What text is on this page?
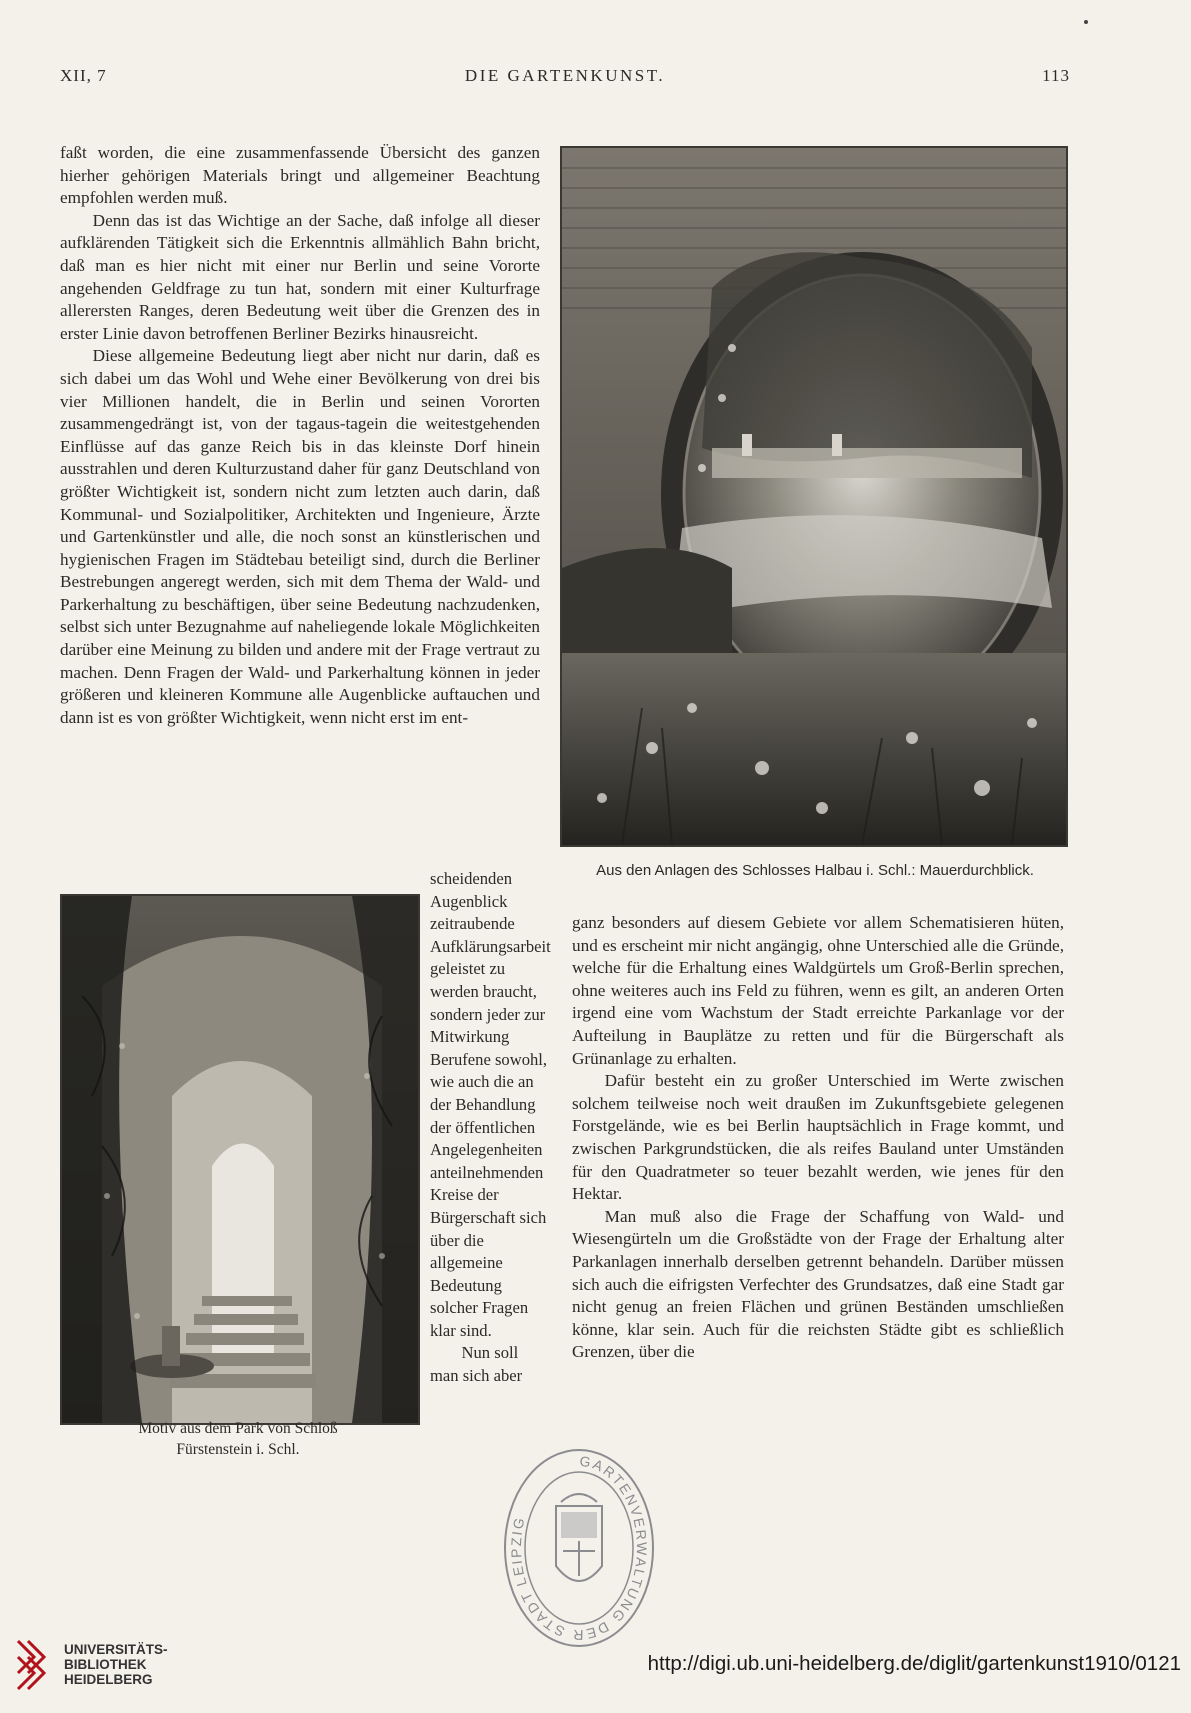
XII, 7	DIE GARTENKUNST.	113

faßt worden, die eine zusammenfassende Übersicht des ganzen hierher gehörigen Materials bringt und allgemeiner Beachtung empfohlen werden muß.

Denn das ist das Wichtige an der Sache, daß infolge all dieser aufklärenden Tätigkeit sich die Erkenntnis allmählich Bahn bricht, daß man es hier nicht mit einer nur Berlin und seine Vororte angehenden Geldfrage zu tun hat, sondern mit einer Kulturfrage allerersten Ranges, deren Bedeutung weit über die Grenzen des in erster Linie davon betroffenen Berliner Bezirks hinausreicht.

Diese allgemeine Bedeutung liegt aber nicht nur darin, daß es sich dabei um das Wohl und Wehe einer Bevölkerung von drei bis vier Millionen handelt, die in Berlin und seinen Vororten zusammengedrängt ist, von der tagaus-tagein die weitestgehenden Einflüsse auf das ganze Reich bis in das kleinste Dorf hinein ausstrahlen und deren Kulturzustand daher für ganz Deutschland von größter Wichtigkeit ist, sondern nicht zum letzten auch darin, daß Kommunal- und Sozialpolitiker, Architekten und Ingenieure, Ärzte und Gartenkünstler und alle, die noch sonst an künstlerischen und hygienischen Fragen im Städtebau beteiligt sind, durch die Berliner Bestrebungen angeregt werden, sich mit dem Thema der Wald- und Parkerhaltung zu beschäftigen, über seine Bedeutung nachzudenken, selbst sich unter Bezugnahme auf naheliegende lokale Möglichkeiten darüber eine Meinung zu bilden und andere mit der Frage vertraut zu machen. Denn Fragen der Wald- und Parkerhaltung können in jeder größeren und kleineren Kommune alle Augenblicke auftauchen und dann ist es von größter Wichtigkeit, wenn nicht erst im ent-

Aus den Anlagen des Schlosses Halbau i. Schl.: Mauerdurchblick.
Motiv aus dem Park von Schloß
Fürstenstein i. Schl.

scheidenden Augenblick zeitraubende Aufklärungsarbeit geleistet zu werden braucht, sondern jeder zur Mitwirkung Berufene sowohl, wie auch die an der Behandlung der öffentlichen Angelegenheiten anteilnehmenden Kreise der Bürgerschaft sich über die allgemeine Bedeutung solcher Fragen klar sind.

Nun soll man sich aber

ganz besonders auf diesem Gebiete vor allem Schematisieren hüten, und es erscheint mir nicht angängig, ohne Unterschied alle die Gründe, welche für die Erhaltung eines Waldgürtels um Groß-Berlin sprechen, ohne weiteres auch ins Feld zu führen, wenn es gilt, an anderen Orten irgend eine vom Wachstum der Stadt erreichte Parkanlage vor der Aufteilung in Bauplätze zu retten und für die Bürgerschaft als Grünanlage zu erhalten.

Dafür besteht ein zu großer Unterschied im Werte zwischen solchem teilweise noch weit draußen im Zukunftsgebiete gelegenen Forstgelände, wie es bei Berlin hauptsächlich in Frage kommt, und zwischen Parkgrundstücken, die als reifes Bauland unter Umständen für den Quadratmeter so teuer bezahlt werden, wie jenes für den Hektar.

Man muß also die Frage der Schaffung von Wald- und Wiesengürteln um die Großstädte von der Frage der Erhaltung alter Parkanlagen innerhalb derselben getrennt behandeln. Darüber müssen sich auch die eifrigsten Verfechter des Grundsatzes, daß eine Stadt gar nicht genug an freien Flächen und grünen Beständen umschließen könne, klar sein. Auch für die reichsten Städte gibt es schließlich Grenzen, über die

GARTENVERWALTUNG DER STADT LEIPZIG
UNIVERSITÄTS-
BIBLIOTHEK
HEIDELBERG
http://digi.ub.uni-heidelberg.de/diglit/gartenkunst1910/0121
